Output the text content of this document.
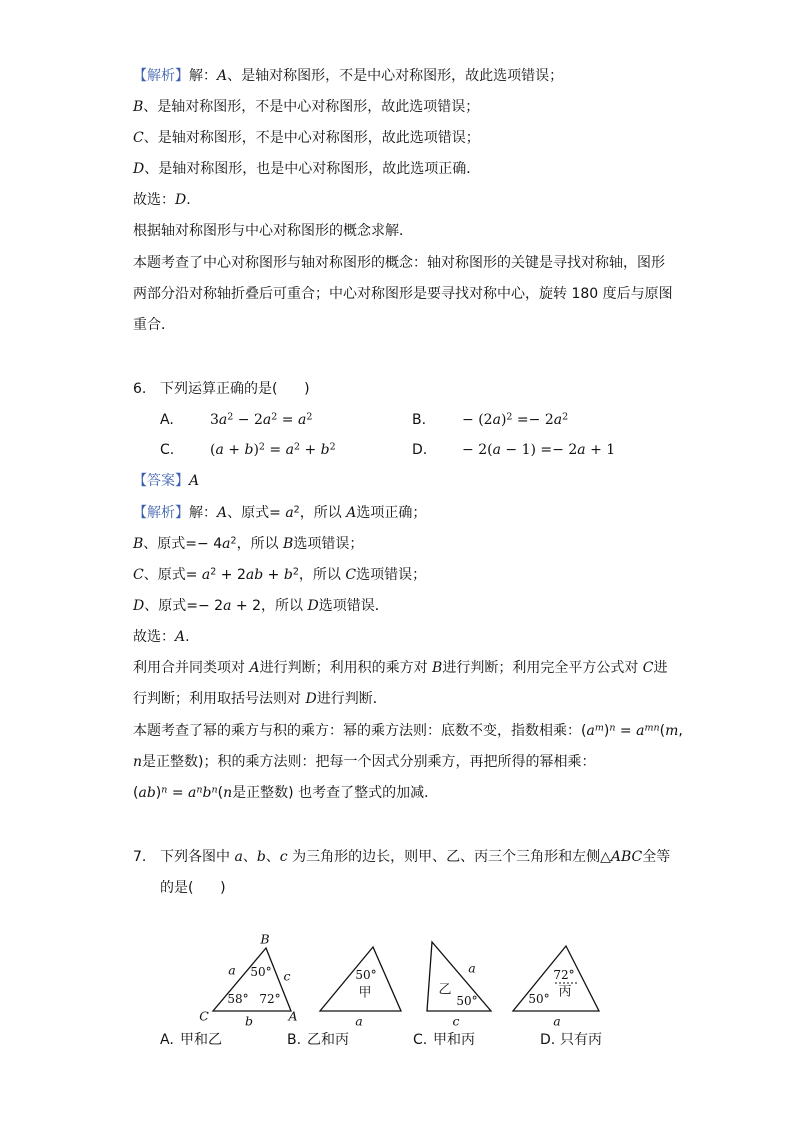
【解析】解：A、是轴对称图形，不是中心对称图形，故此选项错误；
B、是轴对称图形，不是中心对称图形，故此选项错误；
C、是轴对称图形，不是中心对称图形，故此选项错误；
D、是轴对称图形，也是中心对称图形，故此选项正确．
故选：D.
根据轴对称图形与中心对称图形的概念求解．
本题考查了中心对称图形与轴对称图形的概念：轴对称图形的关键是寻找对称轴，图形
两部分沿对称轴折叠后可重合；中心对称图形是要寻找对称中心，旋转 180 度后与原图
重合．
6. 下列运算正确的是(      )
A.	$3a^2 - 2a^2 = a^2$	B.	− $(2a)^2 =- 2a^2$
C.	$(a + b)^2 = a^2 + b^2$	D. − 2(a − 1) =− 2a + 1
【答案】A
【解析】解：A、原式= $a^2$，所以 A选项正确；
B、原式=− $4a^2$，所以 B选项错误；
C、原式= $a^2 + 2ab + b^2$，所以 C选项错误；
D、原式=− 2a + 2，所以 D选项错误．
故选：A.
利用合并同类项对 A进行判断；利用积的乘方对 B进行判断；利用完全平方公式对 C进
行判断；利用取括号法则对 D进行判断．
本题考查了幂的乘方与积的乘方：幂的乘方法则：底数不变，指数相乘：$(a^m)^n = a^{mn}(m$,
n是正整数)；积的乘方法则：把每一个因式分别乘方，再把所得的幂相乘：
$(ab)^n = a^nb^n(n$是正整数) 也考查了整式的加减．
7. 下列各图中 a、b、c 为三角形的边长，则甲、乙、丙三个三角形和左侧△ABC全等
的是(      )
B
a	c
50°
58° 72°
C	b	A
50°
甲
a
a
乙
50°
c
72°
丙
50°
a
A. 甲和乙	B. 乙和丙	C. 甲和丙	D. 只有丙
